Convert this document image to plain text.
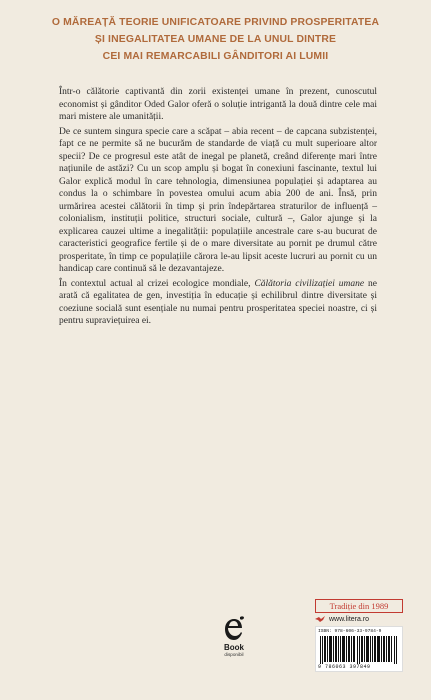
O MĂREAȚĂ TEORIE UNIFICATOARE PRIVIND PROSPERITATEA
ȘI INEGALITATEA UMANE DE LA UNUL DINTRE
CEI MAI REMARCABILI GÂNDITORI AI LUMII

Într-o călătorie captivantă din zorii existenței umane în prezent, cunoscutul economist și gânditor Oded Galor oferă o soluție intrigantă la două dintre cele mai mari mistere ale umanității.

De ce suntem singura specie care a scăpat – abia recent – de capcana subzistenței, fapt ce ne permite să ne bucurăm de standarde de viață cu mult superioare altor specii? De ce progresul este atât de inegal pe planetă, creând diferențe mari între națiunile de astăzi? Cu un scop amplu și bogat în conexiuni fascinante, textul lui Galor explică modul în care tehnologia, dimensiunea populației și adaptarea au condus la o schimbare în povestea omului acum abia 200 de ani. Însă, prin urmărirea acestei călătorii în timp și prin îndepărtarea straturilor de influență – colonialism, instituții politice, structuri sociale, cultură –, Galor ajunge și la explicarea cauzei ultime a inegalității: populațiile ancestrale care s-au bucurat de caracteristici geografice fertile și de o mare diversitate au pornit pe drumul către prosperitate, în timp ce populațiile cărora le-au lipsit aceste lucruri au pornit cu un handicap care continuă să le dezavantajeze.

În contextul actual al crizei ecologice mondiale, Călătoria civilizației umane ne arată că egalitatea de gen, investiția în educație și echilibrul dintre diversitate și coeziune socială sunt esențiale nu numai pentru prosperitatea speciei noastre, ci și pentru supraviețuirea ei.

Book
disponibil
Tradiție din 1989
www.litera.ro
ISBN: 978-606-33-9784-9
9 786063 397849
